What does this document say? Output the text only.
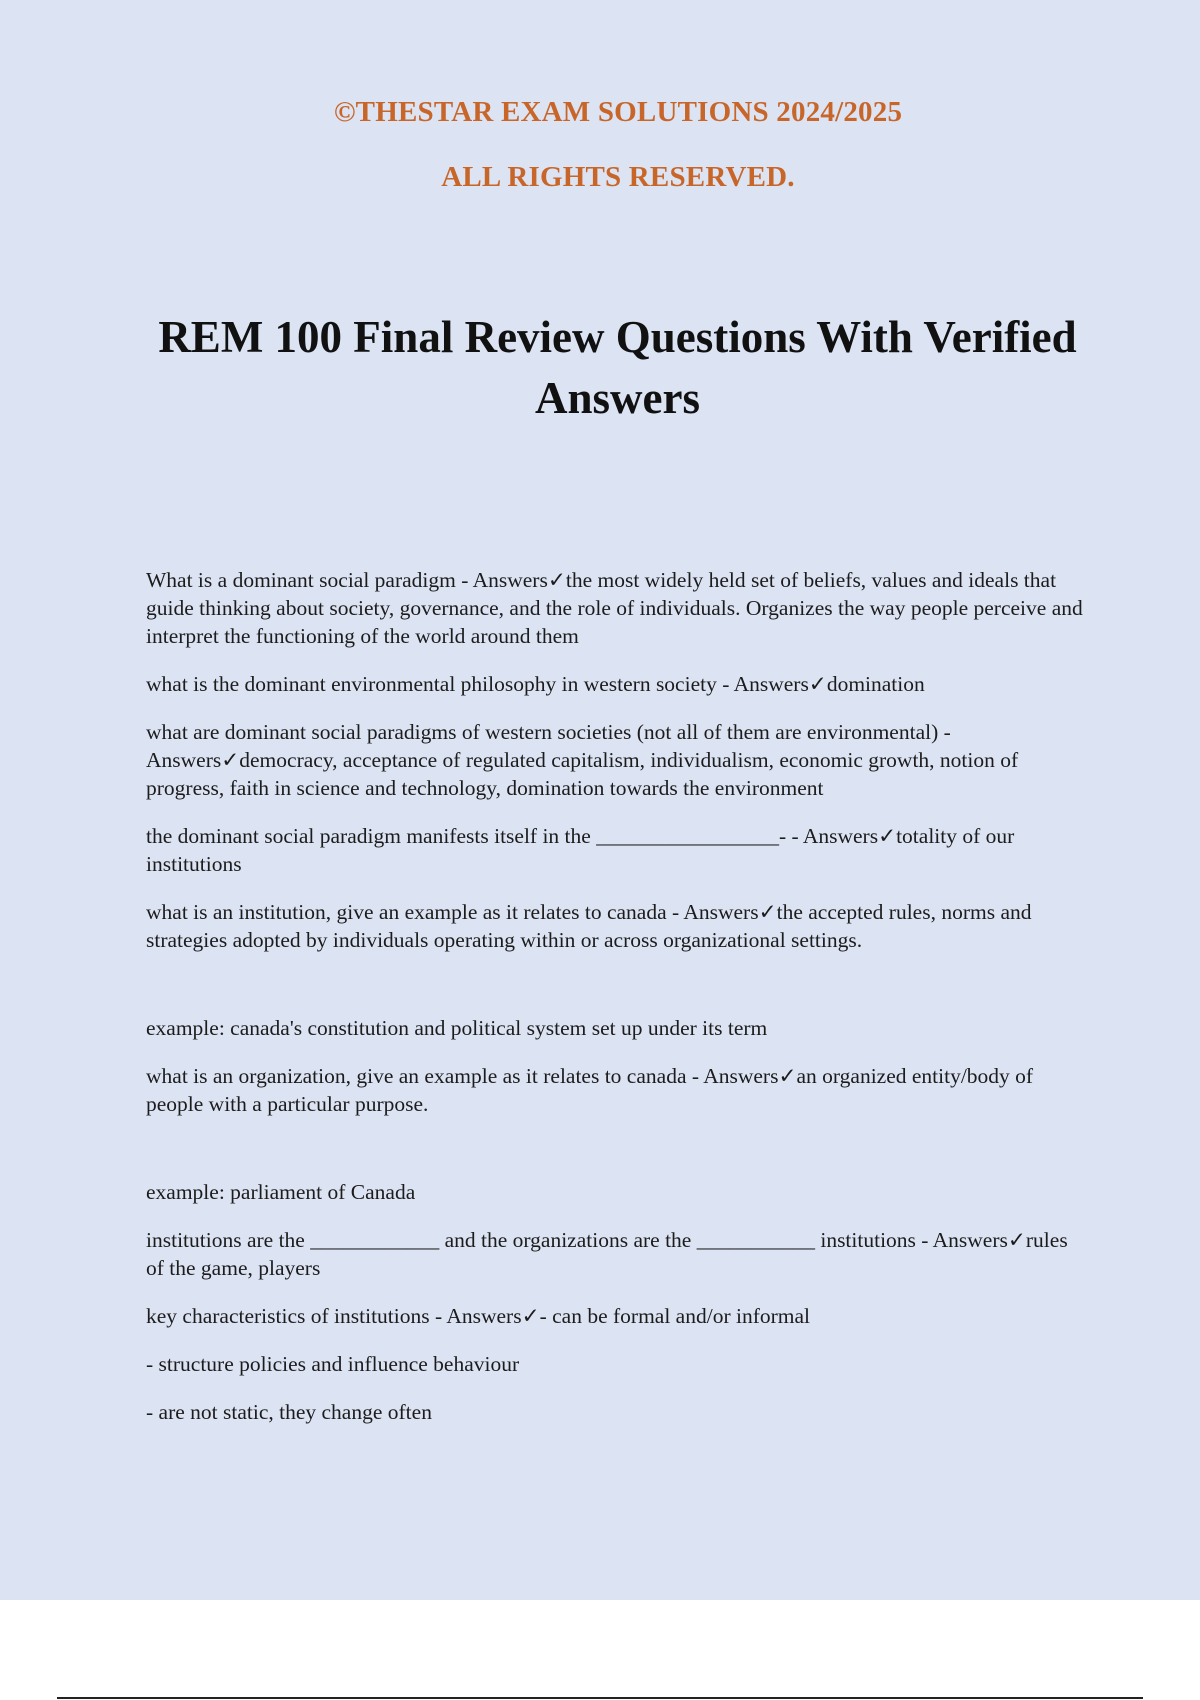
©THESTAR EXAM SOLUTIONS 2024/2025
ALL RIGHTS RESERVED.
REM 100 Final Review Questions With Verified Answers

What is a dominant social paradigm - Answers✓the most widely held set of beliefs, values and ideals that guide thinking about society, governance, and the role of individuals. Organizes the way people perceive and interpret the functioning of the world around them

what is the dominant environmental philosophy in western society - Answers✓domination

what are dominant social paradigms of western societies (not all of them are environmental) - Answers✓democracy, acceptance of regulated capitalism, individualism, economic growth, notion of progress, faith in science and technology, domination towards the environment

the dominant social paradigm manifests itself in the _________________- - Answers✓totality of our institutions

what is an institution, give an example as it relates to canada - Answers✓the accepted rules, norms and strategies adopted by individuals operating within or across organizational settings.

example: canada's constitution and political system set up under its term

what is an organization, give an example as it relates to canada - Answers✓an organized entity/body of people with a particular purpose.

example: parliament of Canada

institutions are the ____________ and the organizations are the ___________ institutions - Answers✓rules of the game, players

key characteristics of institutions - Answers✓- can be formal and/or informal

- structure policies and influence behaviour

- are not static, they change often
